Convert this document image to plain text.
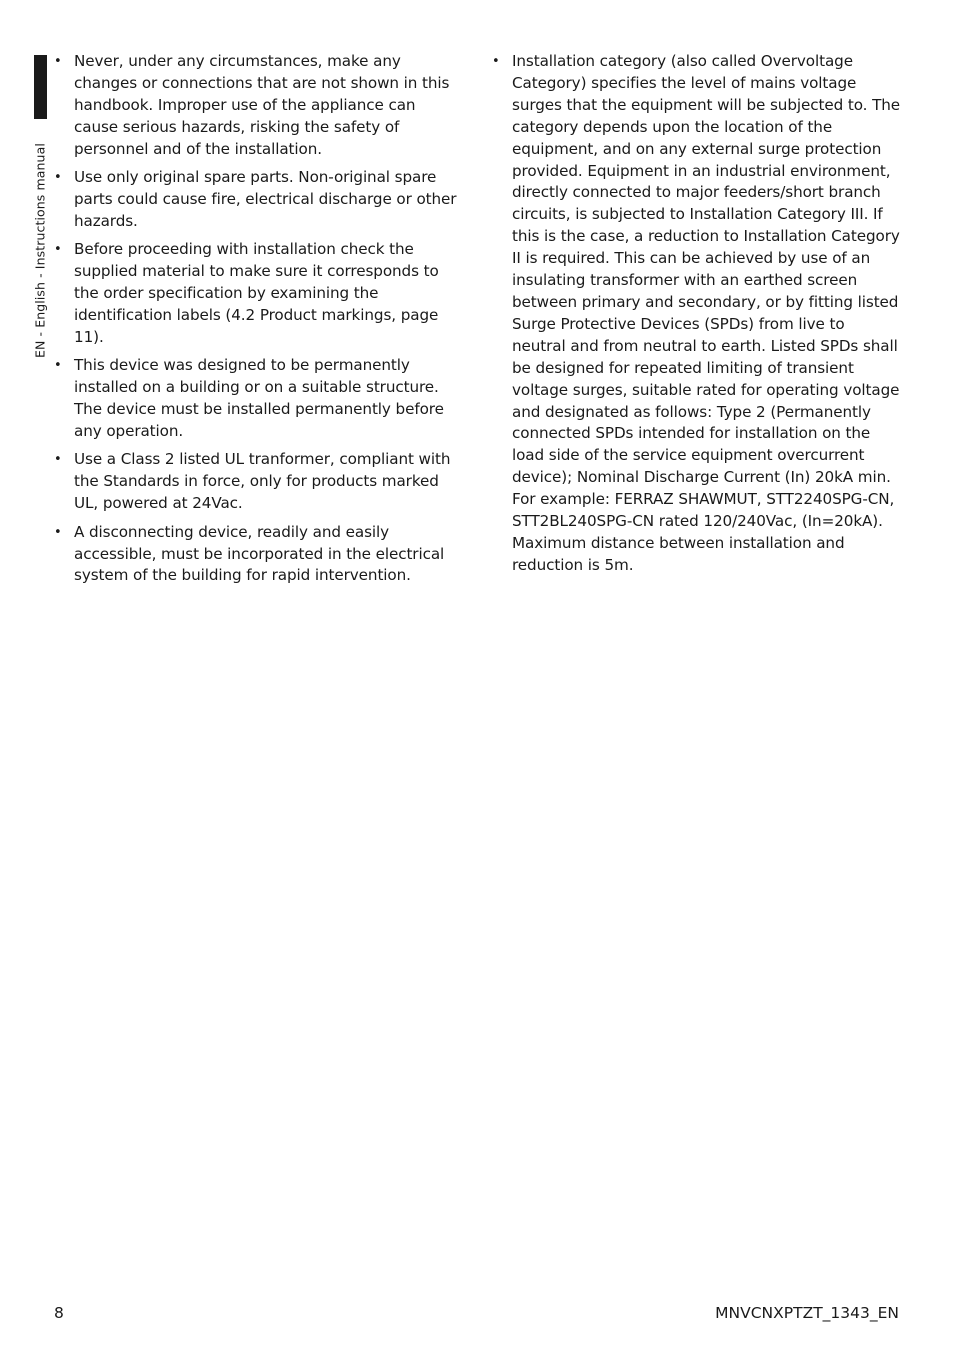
EN - English - Instructions manual
• Never, under any circumstances, make any changes or connections that are not shown in this handbook. Improper use of the appliance can cause serious hazards, risking the safety of personnel and of the installation.
• Use only original spare parts. Non-original spare parts could cause fire, electrical discharge or other hazards.
• Before proceeding with installation check the supplied material to make sure it corresponds to the order specification by examining the identification labels (4.2 Product markings, page 11).
• This device was designed to be permanently installed on a building or on a suitable structure. The device must be installed permanently before any operation.
• Use a Class 2 listed UL tranformer, compliant with the Standards in force, only for products marked UL, powered at 24Vac.
• A disconnecting device, readily and easily accessible, must be incorporated in the electrical system of the building for rapid intervention.
• Installation category (also called Overvoltage Category) specifies the level of mains voltage surges that the equipment will be subjected to. The category depends upon the location of the equipment, and on any external surge protection provided. Equipment in an industrial environment, directly connected to major feeders/short branch circuits, is subjected to Installation Category III. If this is the case, a reduction to Installation Category II is required. This can be achieved by use of an insulating transformer with an earthed screen between primary and secondary, or by fitting listed Surge Protective Devices (SPDs) from live to neutral and from neutral to earth. Listed SPDs shall be designed for repeated limiting of transient voltage surges, suitable rated for operating voltage and designated as follows: Type 2 (Permanently connected SPDs intended for installation on the load side of the service equipment overcurrent device); Nominal Discharge Current (In) 20kA min. For example: FERRAZ SHAWMUT, STT2240SPG-CN, STT2BL240SPG-CN rated 120/240Vac, (In=20kA). Maximum distance between installation and reduction is 5m.
8	MNVCNXPTZT_1343_EN
